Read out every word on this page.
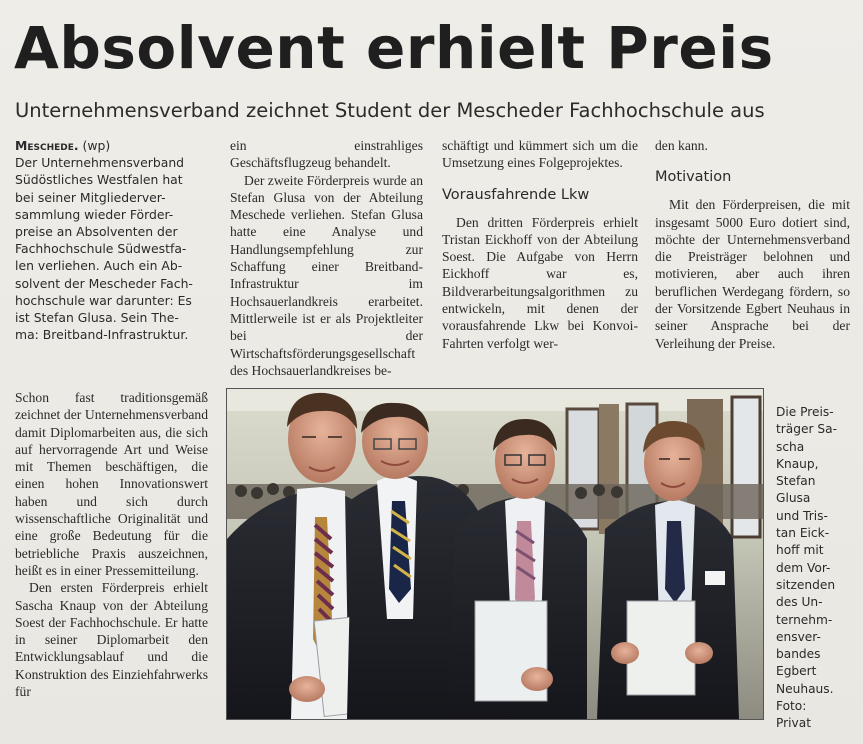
Absolvent erhielt Preis
Unternehmensverband zeichnet Student der Mescheder Fachhochschule aus
Meschede. (wp)
Der Unternehmensverband
Südöstliches Westfalen hat
bei seiner Mitgliederver-
sammlung wieder Förder-
preise an Absolventen der
Fachhochschule Südwestfa-
len verliehen. Auch ein Ab-
solvent der Mescheder Fach-
hochschule war darunter: Es
ist Stefan Glusa. Sein The-
ma: Breitband-Infrastruktur.

Schon fast traditionsgemäß zeichnet der Unternehmensverband damit Diplomarbeiten aus, die sich auf hervorragende Art und Weise mit Themen beschäftigen, die einen hohen Innovationswert haben und sich durch wissenschaftliche Originalität und eine große Bedeutung für die betriebliche Praxis auszeichnen, heißt es in einer Pressemitteilung.

Den ersten Förderpreis erhielt Sascha Knaup von der Abteilung Soest der Fachhochschule. Er hatte in seiner Diplomarbeit den Entwicklungsablauf und die Konstruktion des Einziehfahrwerks für

ein einstrahliges Geschäftsflugzeug behandelt.

Der zweite Förderpreis wurde an Stefan Glusa von der Abteilung Meschede verliehen. Stefan Glusa hatte eine Analyse und Handlungsempfehlung zur Schaffung einer Breitband-Infrastruktur im Hochsauerlandkreis erarbeitet. Mittlerweile ist er als Projektleiter bei der Wirtschaftsförderungsgesellschaft des Hochsauerlandkreises be-

schäftigt und kümmert sich um die Umsetzung eines Folgeprojektes.

Vorausfahrende Lkw

Den dritten Förderpreis erhielt Tristan Eickhoff von der Abteilung Soest. Die Aufgabe von Herrn Eickhoff war es, Bildverarbeitungsalgorithmen zu entwickeln, mit denen der vorausfahrende Lkw bei Konvoi-Fahrten verfolgt wer-

den kann.

Motivation

Mit den Förderpreisen, die mit insgesamt 5000 Euro dotiert sind, möchte der Unternehmensverband die Preisträger belohnen und motivieren, aber auch ihren beruflichen Werdegang fördern, so der Vorsitzende Egbert Neuhaus in seiner Ansprache bei der Verleihung der Preise.

Die Preis-
träger Sa-
scha
Knaup,
Stefan
Glusa
und Tris-
tan Eick-
hoff mit
dem Vor-
sitzenden
des Un-
ternehm-
ensver-
bandes
Egbert
Neuhaus.
Foto:
Privat
